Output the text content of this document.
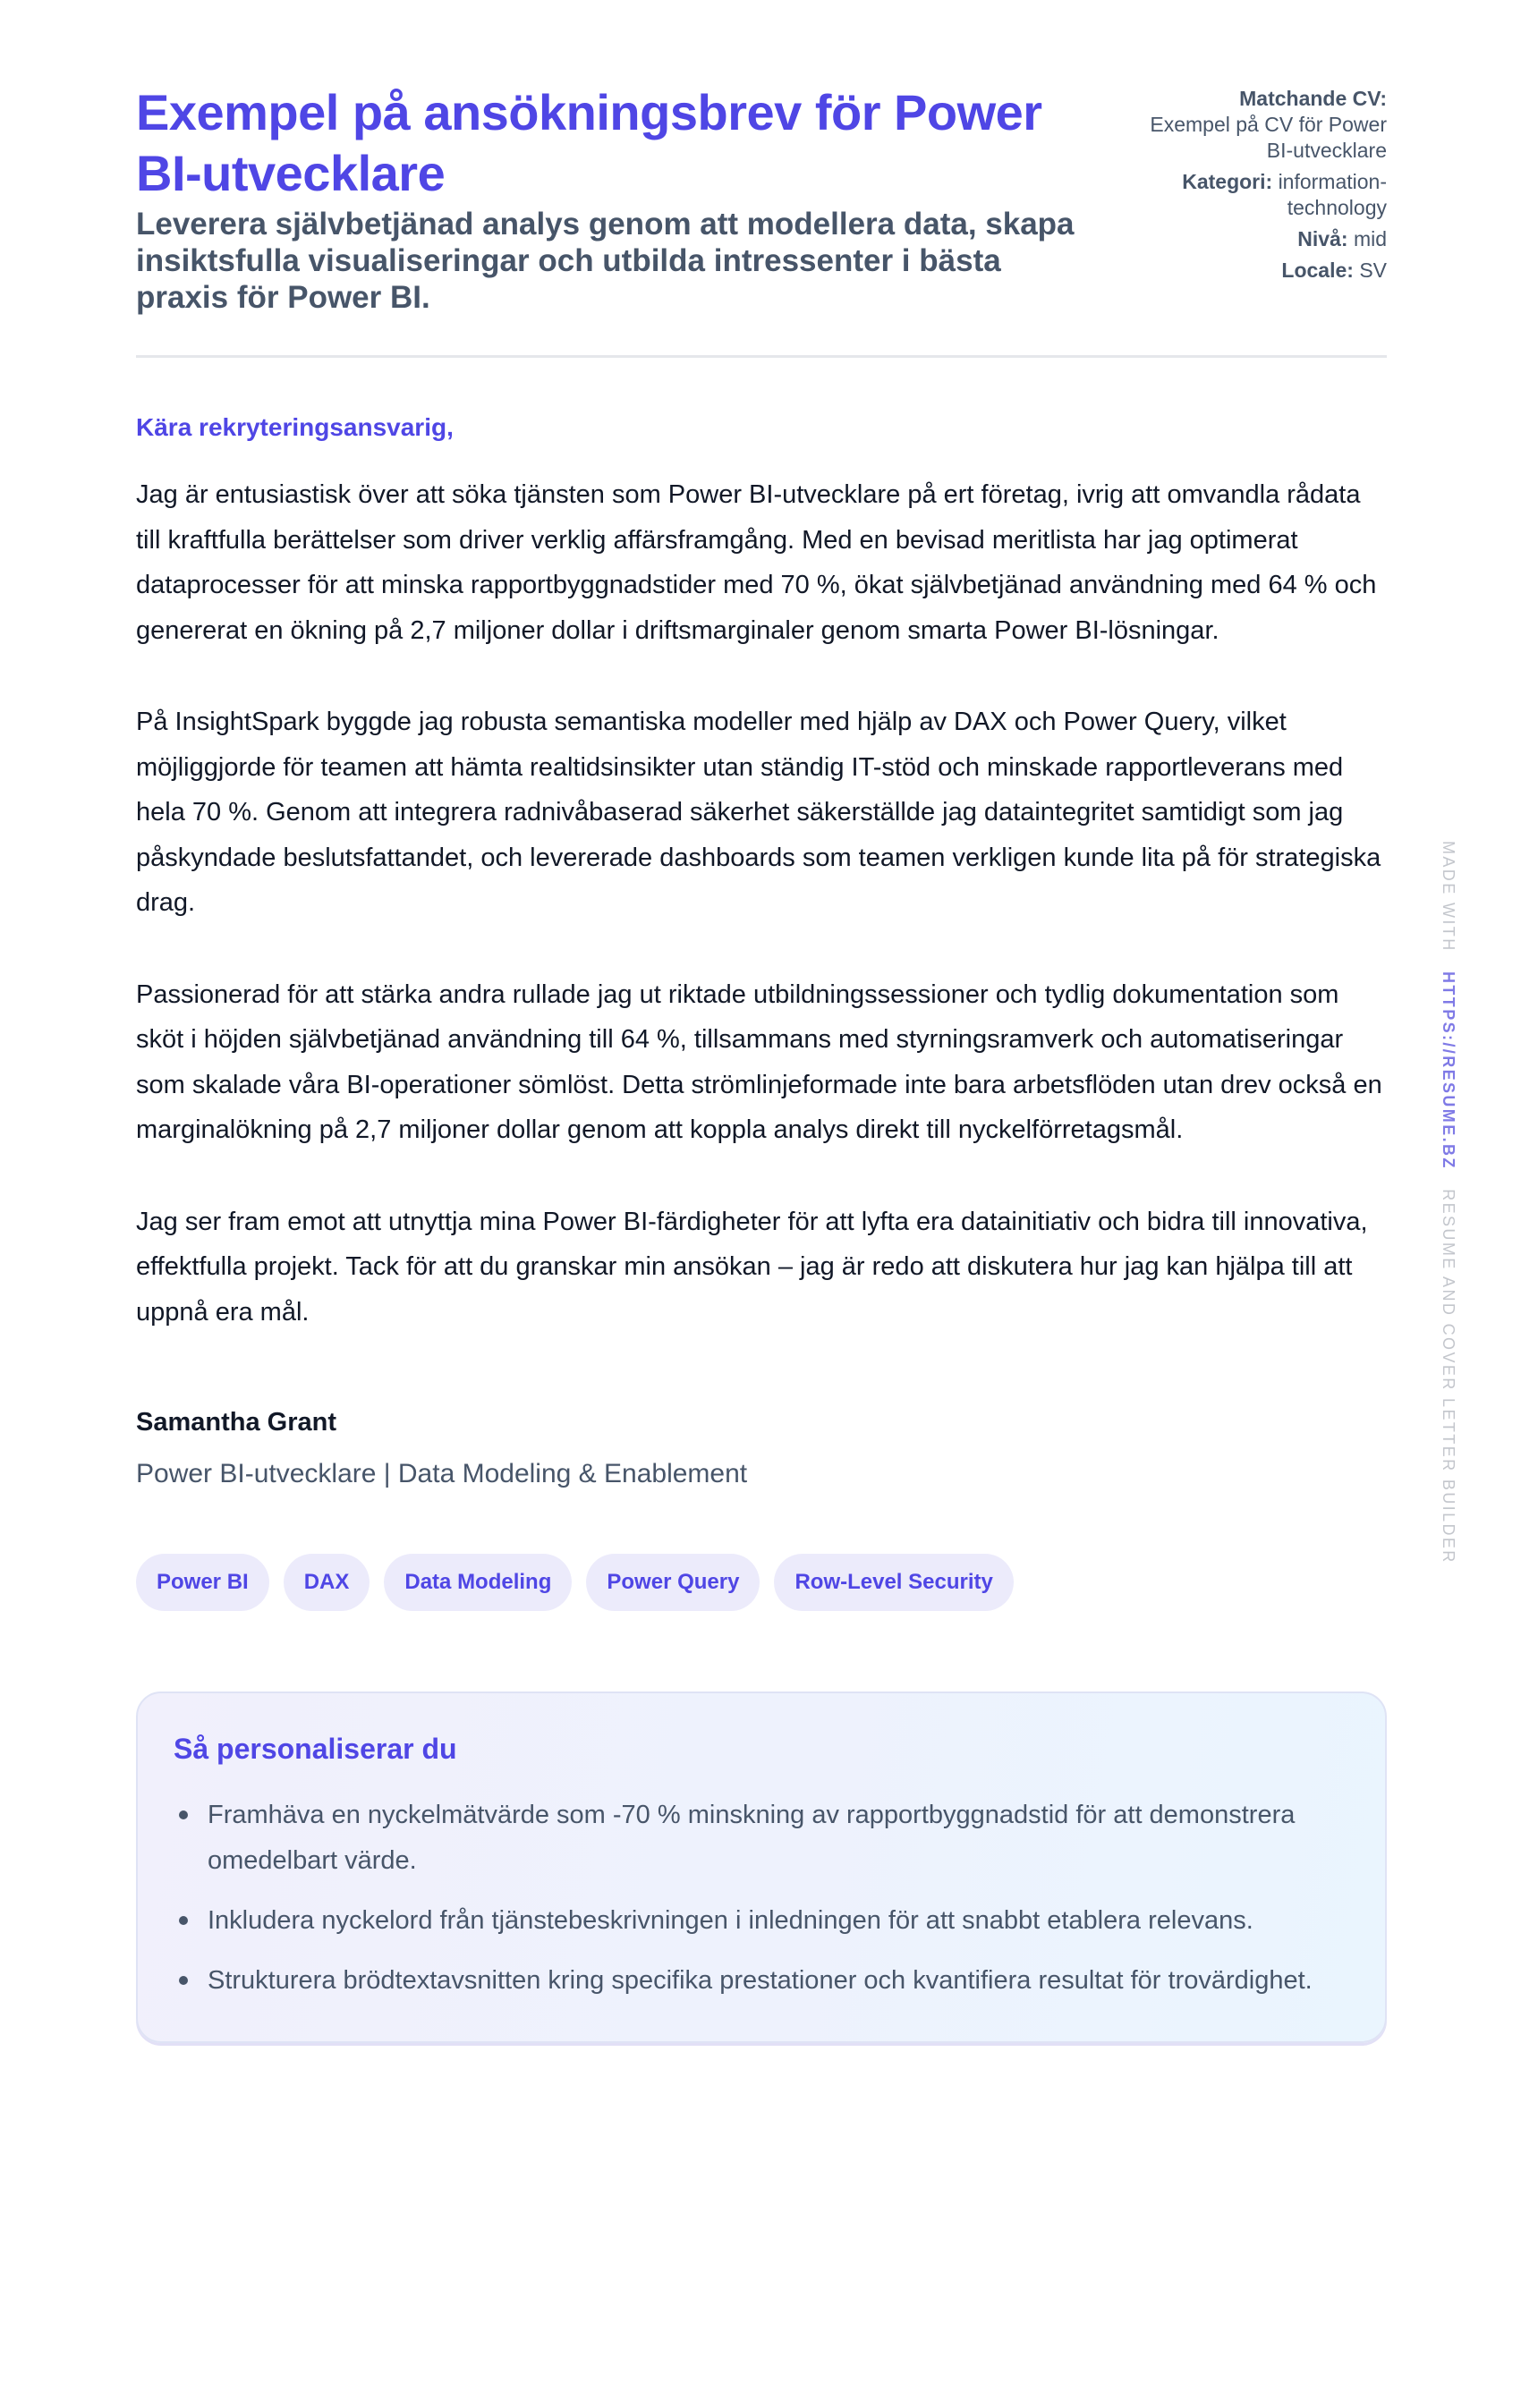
Exempel på ansökningsbrev för Power BI-utvecklare

Leverera självbetjänad analys genom att modellera data, skapa insiktsfulla visualiseringar och utbilda intressenter i bästa praxis för Power BI.

Matchande CV:
Exempel på CV för Power BI-utvecklare
Kategori: information-technology
Nivå: mid
Locale: SV

Kära rekryteringsansvarig,

Jag är entusiastisk över att söka tjänsten som Power BI-utvecklare på ert företag, ivrig att omvandla rådata till kraftfulla berättelser som driver verklig affärsframgång. Med en bevisad meritlista har jag optimerat dataprocesser för att minska rapportbyggnadstider med 70 %, ökat självbetjänad användning med 64 % och genererat en ökning på 2,7 miljoner dollar i driftsmarginaler genom smarta Power BI-lösningar.

På InsightSpark byggde jag robusta semantiska modeller med hjälp av DAX och Power Query, vilket möjliggjorde för teamen att hämta realtidsinsikter utan ständig IT-stöd och minskade rapportleverans med hela 70 %. Genom att integrera radnivåbaserad säkerhet säkerställde jag dataintegritet samtidigt som jag påskyndade beslutsfattandet, och levererade dashboards som teamen verkligen kunde lita på för strategiska drag.

Passionerad för att stärka andra rullade jag ut riktade utbildningssessioner och tydlig dokumentation som sköt i höjden självbetjänad användning till 64 %, tillsammans med styrningsramverk och automatiseringar som skalade våra BI-operationer sömlöst. Detta strömlinjeformade inte bara arbetsflöden utan drev också en marginalökning på 2,7 miljoner dollar genom att koppla analys direkt till nyckelförretagsmål.

Jag ser fram emot att utnyttja mina Power BI-färdigheter för att lyfta era datainitiativ och bidra till innovativa, effektfulla projekt. Tack för att du granskar min ansökan – jag är redo att diskutera hur jag kan hjälpa till att uppnå era mål.

Samantha Grant

Power BI-utvecklare | Data Modeling & Enablement

Power BI	DAX	Data Modeling	Power Query	Row-Level Security
Så personaliserar du
Framhäva en nyckelmätvärde som -70 % minskning av rapportbyggnadstid för att demonstrera omedelbart värde.
Inkludera nyckelord från tjänstebeskrivningen i inledningen för att snabbt etablera relevans.
Strukturera brödtextavsnitten kring specifika prestationer och kvantifiera resultat för trovärdighet.
MADE WITH HTTPS://RESUME.BZ RESUME AND COVER LETTER BUILDER
